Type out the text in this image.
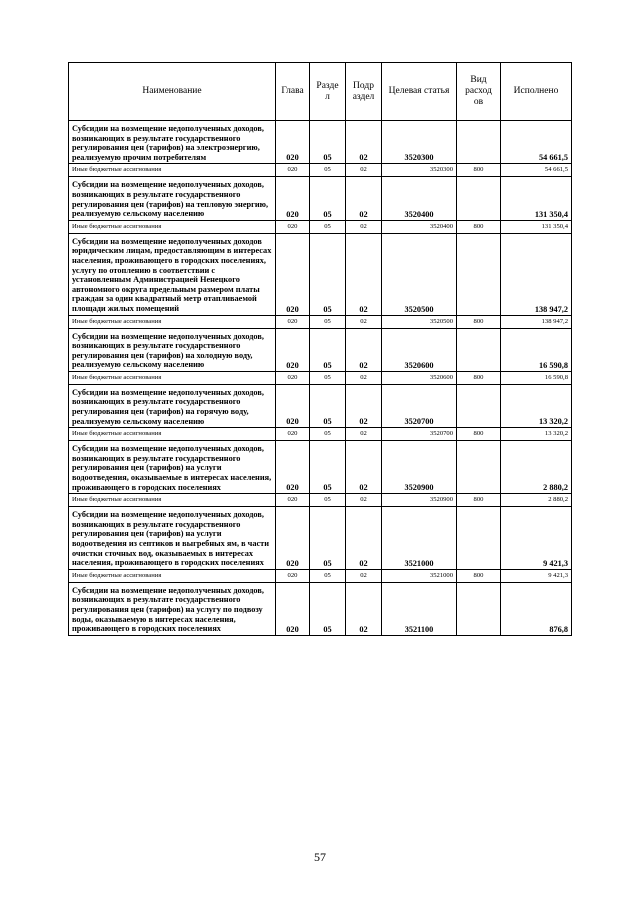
Наименование	Глава	Разде л	Подр аздел	Целевая статья	Вид расход ов	Исполнено
Субсидии на возмещение недополученных доходов, возникающих в результате государственного регулирования цен (тарифов) на электроэнергию, реализуемую прочим потребителям	020	05	02	3520300		54 661,5
Иные бюджетные ассигнования	020	05	02	3520300	800	54 661,5
Субсидии на возмещение недополученных доходов, возникающих в результате государственного регулирования цен (тарифов) на тепловую энергию, реализуемую сельскому населению	020	05	02	3520400		131 350,4
Иные бюджетные ассигнования	020	05	02	3520400	800	131 350,4
Субсидии на возмещение недополученных доходов юридическим лицам, предоставляющим в интересах населения, проживающего в городских поселениях, услугу по отоплению в соответствии с установленным Администрацией Ненецкого автономного округа предельным размером платы граждан за один квадратный метр отапливаемой площади жилых помещений	020	05	02	3520500		138 947,2
Иные бюджетные ассигнования	020	05	02	3520500	800	138 947,2
Субсидии на возмещение недополученных доходов, возникающих в результате государственного регулирования цен (тарифов) на холодную воду, реализуемую сельскому населению	020	05	02	3520600		16 590,8
Иные бюджетные ассигнования	020	05	02	3520600	800	16 590,8
Субсидии на возмещение недополученных доходов, возникающих в результате государственного регулирования цен (тарифов) на горячую воду, реализуемую сельскому населению	020	05	02	3520700		13 320,2
Иные бюджетные ассигнования	020	05	02	3520700	800	13 320,2
Субсидии на возмещение недополученных доходов, возникающих в результате государственного регулирования цен (тарифов) на услуги водоотведения, оказываемые в интересах населения, проживающего в городских поселениях	020	05	02	3520900		2 880,2
Иные бюджетные ассигнования	020	05	02	3520900	800	2 880,2
Субсидии на возмещение недополученных доходов, возникающих в результате государственного регулирования цен (тарифов) на услуги водоотведения из септиков и выгребных ям, в части очистки сточных вод, оказываемых в интересах населения, проживающего в городских поселениях	020	05	02	3521000		9 421,3
Иные бюджетные ассигнования	020	05	02	3521000	800	9 421,3
Субсидии на возмещение недополученных доходов, возникающих в результате государственного регулирования цен (тарифов) на услугу по подвозу воды, оказываемую в интересах населения, проживающего в городских поселениях	020	05	02	3521100		876,8
57
